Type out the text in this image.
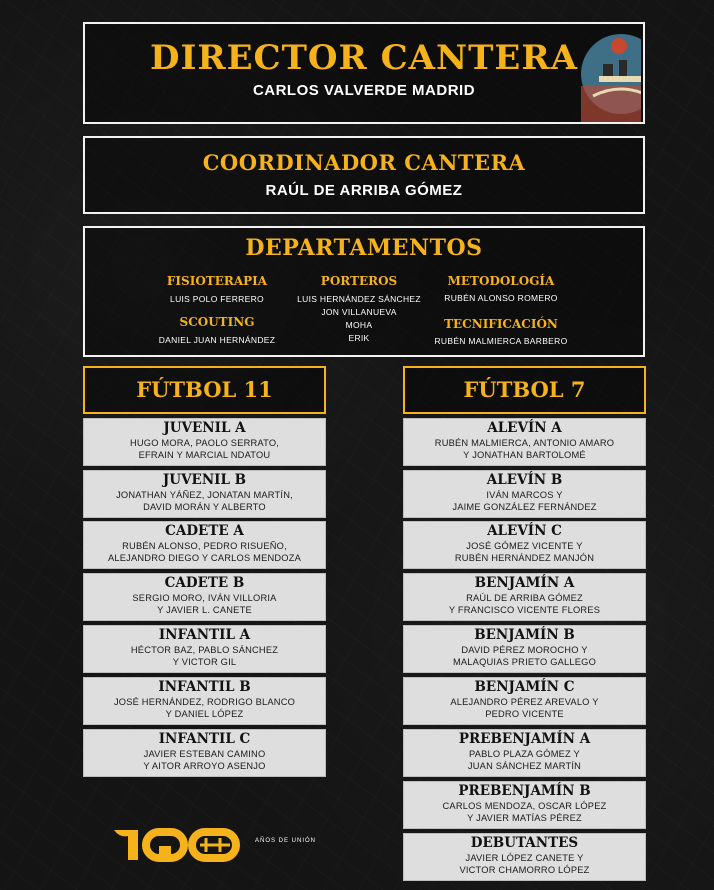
DIRECTOR CANTERA
CARLOS VALVERDE MADRID
COORDINADOR CANTERA
RAÚL DE ARRIBA GÓMEZ
DEPARTAMENTOS
FISIOTERAPIA
LUIS POLO FERRERO
SCOUTING
DANIEL JUAN HERNÁNDEZ
PORTEROS
LUIS HERNÁNDEZ SÁNCHEZ
JON VILLANUEVA
MOHA
ERIK
METODOLOGÍA
RUBÉN ALONSO ROMERO
TECNIFICACIÓN
RUBÉN MALMIERCA BARBERO
FÚTBOL 11	FÚTBOL 7
JUVENIL A
HUGO MORA, PAOLO SERRATO,
EFRAIN Y MARCIAL NDATOU
JUVENIL B
JONATHAN YÁÑEZ, JONATAN MARTÍN,
DAVID MORÁN Y ALBERTO
CADETE A
RUBÉN ALONSO, PEDRO RISUEÑO,
ALEJANDRO DIEGO Y CARLOS MENDOZA
CADETE B
SERGIO MORO, IVÁN VILLORIA
Y JAVIER L. CANETE
INFANTIL A
HÉCTOR BAZ, PABLO SÁNCHEZ
Y VICTOR GIL
INFANTIL B
JOSÉ HERNÁNDEZ, RODRIGO BLANCO
Y DANIEL LÓPEZ
INFANTIL C
JAVIER ESTEBAN CAMINO
Y AITOR ARROYO ASENJO
ALEVÍN A
RUBÉN MALMIERCA, ANTONIO AMARO
Y JONATHAN BARTOLOMÉ
ALEVÍN B
IVÁN MARCOS Y
JAIME GONZÁLEZ FERNÁNDEZ
ALEVÍN C
JOSÉ GÓMEZ VICENTE Y
RUBÉN HERNÁNDEZ MANJÓN
BENJAMÍN A
RAÚL DE ARRIBA GÓMEZ
Y FRANCISCO VICENTE FLORES
BENJAMÍN B
DAVID PÉREZ MOROCHO Y
MALAQUIAS PRIETO GALLEGO
BENJAMÍN C
ALEJANDRO PÉREZ AREVALO Y
PEDRO VICENTE
PREBENJAMÍN A
PABLO PLAZA GÓMEZ Y
JUAN SÁNCHEZ MARTÍN
PREBENJAMÍN B
CARLOS MENDOZA, OSCAR LÓPEZ
Y JAVIER MATÍAS PÉREZ
DEBUTANTES
JAVIER LÓPEZ CANETE Y
VICTOR CHAMORRO LÓPEZ
AÑOS DE UNIÓN
